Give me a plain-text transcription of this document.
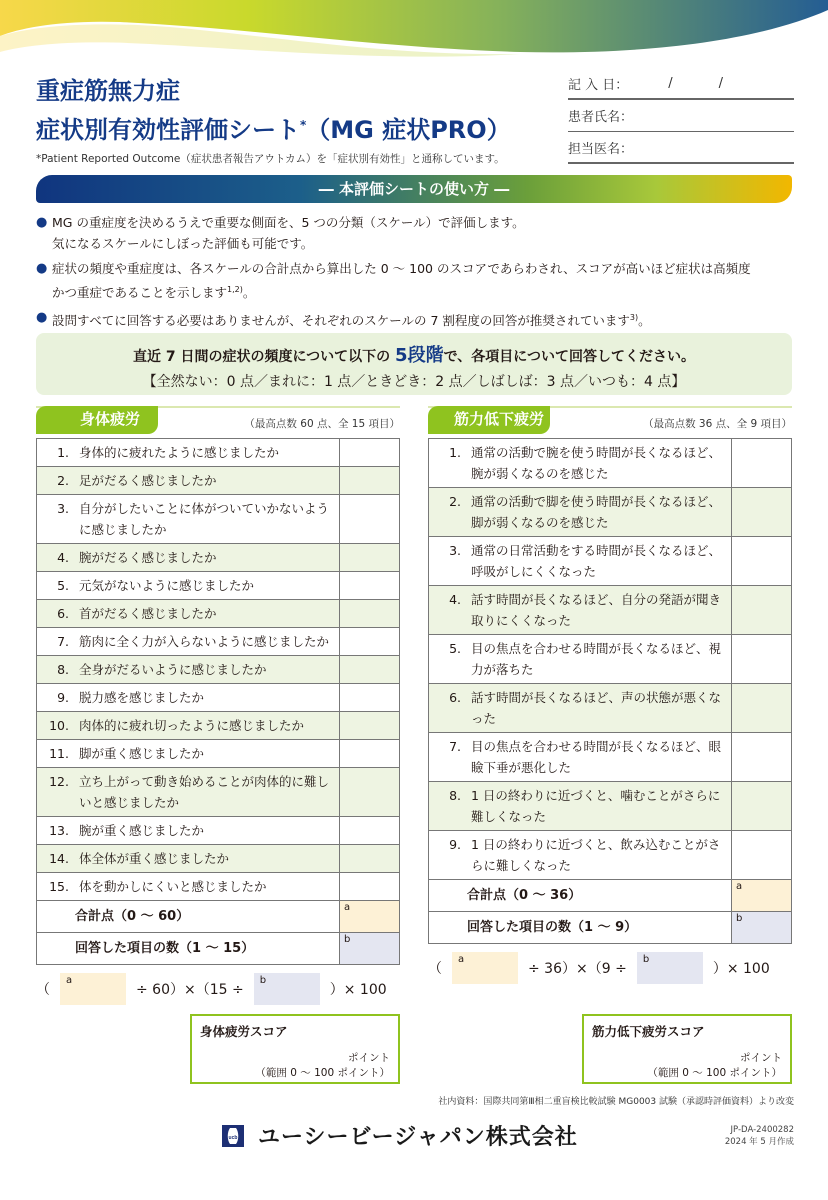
重症筋無力症
症状別有効性評価シート*（MG 症状PRO）
*Patient Reported Outcome（症状患者報告アウトカム）を「症状別有効性」と通称しています。
記 入 日：	/	/
患者氏名：
担当医名：
― 本評価シートの使い方 ―
● MG の重症度を決めるうえで重要な側面を、5 つの分類（スケール）で評価します。
気になるスケールにしぼった評価も可能です。
● 症状の頻度や重症度は、各スケールの合計点から算出した 0 ～ 100 のスコアであらわされ、スコアが高いほど症状は高頻度
かつ重症であることを示します$^{1,2)}$。
● 設問すべてに回答する必要はありませんが、それぞれのスケールの 7 割程度の回答が推奨されています$^{3)}$。
直近 7 日間の症状の頻度について以下の 5段階で、各項目について回答してください。
【全然ない：0 点／まれに：1 点／ときどき：2 点／しばしば：3 点／いつも：4 点】
身体疲労	（最高点数 60 点、全 15 項目）
1. 身体的に疲れたように感じましたか	

2. 足がだるく感じましたか	

3. 自分がしたいことに体がついていかないように感じましたか	

4. 腕がだるく感じましたか	

5. 元気がないように感じましたか	

6. 首がだるく感じましたか	

7. 筋肉に全く力が入らないように感じましたか	

8. 全身がだるいように感じましたか	

9. 脱力感を感じましたか	

10. 肉体的に疲れ切ったように感じましたか	

11. 脚が重く感じましたか	

12. 立ち上がって動き始めることが肉体的に難しいと感じましたか	

13. 腕が重く感じましたか	

14. 体全体が重く感じましたか	

15. 体を動かしにくいと感じましたか	

合計点（0 ～ 60）	a

回答した項目の数（1 ～ 15）	b
（
a
÷ 60）×（15 ÷
b
）× 100
身体疲労スコア
ポイント
（範囲 0 ～ 100 ポイント）
筋力低下疲労	（最高点数 36 点、全 9 項目）
1. 通常の活動で腕を使う時間が長くなるほど、腕が弱くなるのを感じた	

2. 通常の活動で脚を使う時間が長くなるほど、脚が弱くなるのを感じた	

3. 通常の日常活動をする時間が長くなるほど、呼吸がしにくくなった	

4. 話す時間が長くなるほど、自分の発語が聞き取りにくくなった	

5. 目の焦点を合わせる時間が長くなるほど、視力が落ちた	

6. 話す時間が長くなるほど、声の状態が悪くなった	

7. 目の焦点を合わせる時間が長くなるほど、眼瞼下垂が悪化した	

8. 1 日の終わりに近づくと、噛むことがさらに難しくなった	

9. 1 日の終わりに近づくと、飲み込むことがさらに難しくなった	

合計点（0 ～ 36）	a

回答した項目の数（1 ～ 9）	b
（
a
÷ 36）×（9 ÷
b
）× 100
筋力低下疲労スコア
ポイント
（範囲 0 ～ 100 ポイント）
社内資料：国際共同第Ⅲ相二重盲検比較試験 MG0003 試験（承認時評価資料）より改変
ucb ユーシービージャパン株式会社	JP-DA-2400282
2024 年 5 月作成
